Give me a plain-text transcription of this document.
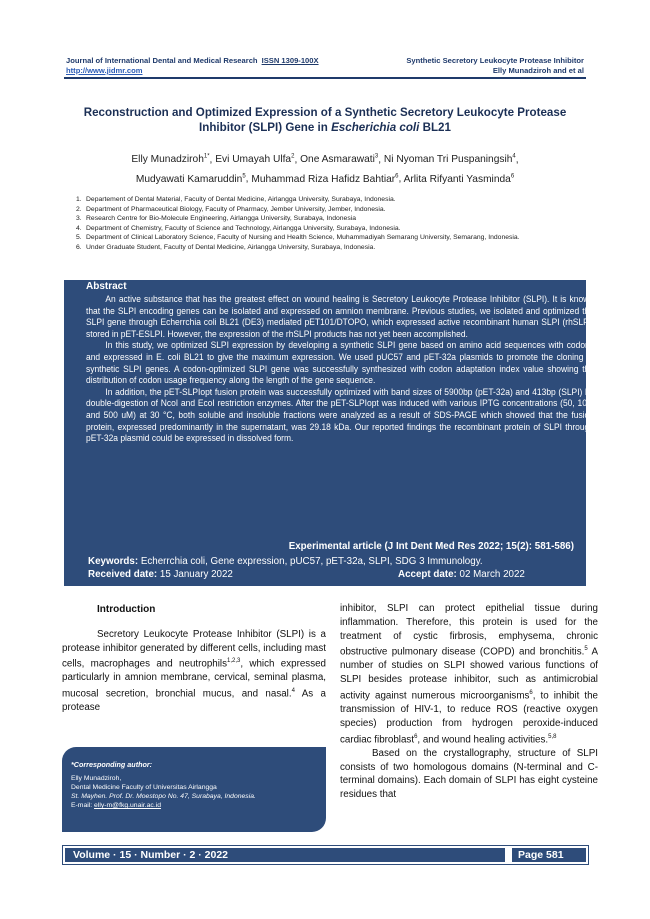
Journal of International Dental and Medical Research ISSN 1309-100X
http://www.jidmr.com
Synthetic Secretory Leukocyte Protease Inhibitor
Elly Munadziroh and et al
Reconstruction and Optimized Expression of a Synthetic Secretory Leukocyte Protease Inhibitor (SLPI) Gene in Escherichia coli BL21
Elly Munadziroh$^{1*}$, Evi Umayah Ulfa$^2$, One Asmarawati$^3$, Ni Nyoman Tri Puspaningsih$^4$,
Mudyawati Kamaruddin$^5$, Muhammad Riza Hafidz Bahtiar$^6$, Arlita Rifyanti Yasminda$^6$
1. Departement of Dental Material, Faculty of Dental Medicine, Airlangga University, Surabaya, Indonesia.
2. Department of Pharmaceutical Biology, Faculty of Pharmacy, Jember University, Jember, Indonesia.
3. Research Centre for Bio-Molecule Engineering, Airlangga University, Surabaya, Indonesia
4. Department of Chemistry, Faculty of Science and Technology, Airlangga University, Surabaya, Indonesia.
5. Department of Clinical Laboratory Science, Faculty of Nursing and Health Science, Muhammadiyah Semarang University, Semarang, Indonesia.
6. Under Graduate Student, Faculty of Dental Medicine, Airlangga University, Surabaya, Indonesia.
Abstract

An active substance that has the greatest effect on wound healing is Secretory Leukocyte Protease Inhibitor (SLPI). It is known that the SLPI encoding genes can be isolated and expressed on amnion membrane. Previous studies, we isolated and optimized the SLPI gene through Echerrchia coli BL21 (DE3) mediated pET101/DTOPO, which expressed active recombinant human SLPI (rhSLPI) stored in pET-ESLPI. However, the expression of the rhSLPI products has not yet been accomplished.

In this study, we optimized SLPI expression by developing a synthetic SLPI gene based on amino acid sequences with codons and expressed in E. coli BL21 to give the maximum expression. We used pUC57 and pET-32a plasmids to promote the cloning of synthetic SLPI genes. A codon-optimized SLPI gene was successfully synthesized with codon adaptation index value showing the distribution of codon usage frequency along the length of the gene sequence.

In addition, the pET-SLPIopt fusion protein was successfully optimized with band sizes of 5900bp (pET-32a) and 413bp (SLPI) by double-digestion of NcoI and EcoI restriction enzymes. After the pET-SLPIopt was induced with various IPTG concentrations (50, 100, and 500 uM) at 30 °C, both soluble and insoluble fractions were analyzed as a result of SDS-PAGE which showed that the fusion protein, expressed predominantly in the supernatant, was 29.18 kDa. Our reported findings the recombinant protein of SLPI through pET-32a plasmid could be expressed in dissolved form.

Experimental article (J Int Dent Med Res 2022; 15(2): 581-586)
Keywords: Echerrchia coli, Gene expression, pUC57, pET-32a, SLPI, SDG 3 Immunology.
Received date: 15 January 2022	Accept date: 02 March 2022
Introduction

Secretory Leukocyte Protease Inhibitor (SLPI) is a protease inhibitor generated by different cells, including mast cells, macrophages and neutrophils$^{1,2,3}$, which expressed particularly in amnion membrane, cervical, seminal plasma, mucosal secretion, bronchial mucus, and nasal.$^4$ As a protease

inhibitor, SLPI can protect epithelial tissue during inflammation. Therefore, this protein is used for the treatment of cystic firbrosis, emphysema, chronic obstructive pulmonary disease (COPD) and bronchitis.$^5$ A number of studies on SLPI showed various functions of SLPI besides protease inhibitor, such as antimicrobial activity against numerous microorganisms$^6$, to inhibit the transmission of HIV-1, to reduce ROS (reactive oxygen species) production from hydrogen peroxide-induced cardiac fibroblast$^6$, and wound healing activities.$^{5,8}$

Based on the crystallography, structure of SLPI consists of two homologous domains (N-terminal and C-terminal domains). Each domain of SLPI has eight cysteine residues that

*Corresponding author:
Elly Munadziroh,
Dental Medicine Faculty of Universitas Airlangga
St. Mayhen. Prof. Dr. Moestopo No. 47, Surabaya, Indonesia.
E-mail: elly-m@fkg.unair.ac.id
Volume · 15 · Number · 2 · 2022	Page 581
